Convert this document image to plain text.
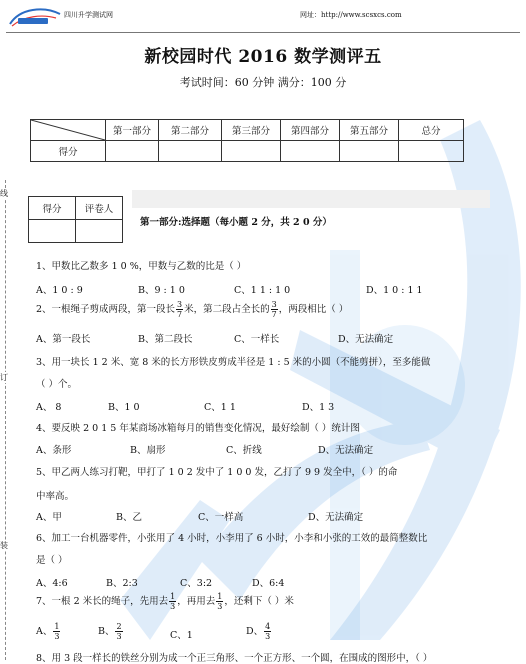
四川升学测试网	网址：http://www.scsxcs.com
新校园时代 2016 数学测评五
考试时间：60 分钟 满分：100 分
	第一部分	第二部分	第三部分	第四部分	第五部分	总分
得分						
线
订
装
得分	评卷人

第一部分:选择题（每小题 2 分，共 2 0 分）
1、甲数比乙数多 1 0 %，甲数与乙数的比是（ ）
A、1 0 : 9	B、9 : 1 0	C、1 1 : 1 0	D、1 0 : 1 1
2、一根绳子剪成两段，第一段长 $\frac{3}{7}$ 米，第二段占全长的 $\frac{3}{7}$ ，两段相比（ ）
A、第一段长	B、第二段长	C、一样长	D、无法确定
3、用一块长 1 2 米、宽 8 米的长方形铁皮剪成半径是 1 : 5 米的小圆（不能剪拼），至多能做
（ ）个。
A、 8	B、1 0	C、1 1	D、1 3
4、要反映 2 0 1 5 年某商场冰箱每月的销售变化情况，最好绘制（ ）统计图
A、条形	B、扇形	C、折线	D、无法确定
5、甲乙两人练习打靶，甲打了 1 0 2 发中了 1 0 0 发，乙打了 9 9 发全中，（ ）的命
中率高。
A、甲	B、乙	C、一样高	D、无法确定
6、加工一台机器零件，小张用了 4 小时，小李用了 6 小时，小李和小张的工效的最简整数比
是（ ）
A、4:6	B、2:3	C、3:2	D、6:4
7、一根 2 米长的绳子，先用去 $\frac{1}{3}$ ，再用去 $\frac{1}{3}$ ，还剩下（ ）米
A、 $\frac{1}{3}$	B、 $\frac{2}{3}$	C、1	D、 $\frac{4}{3}$
8、用 3 段一样长的铁丝分别为成一个正三角形、一个正方形、一个圆，在围成的图形中，（ ）
